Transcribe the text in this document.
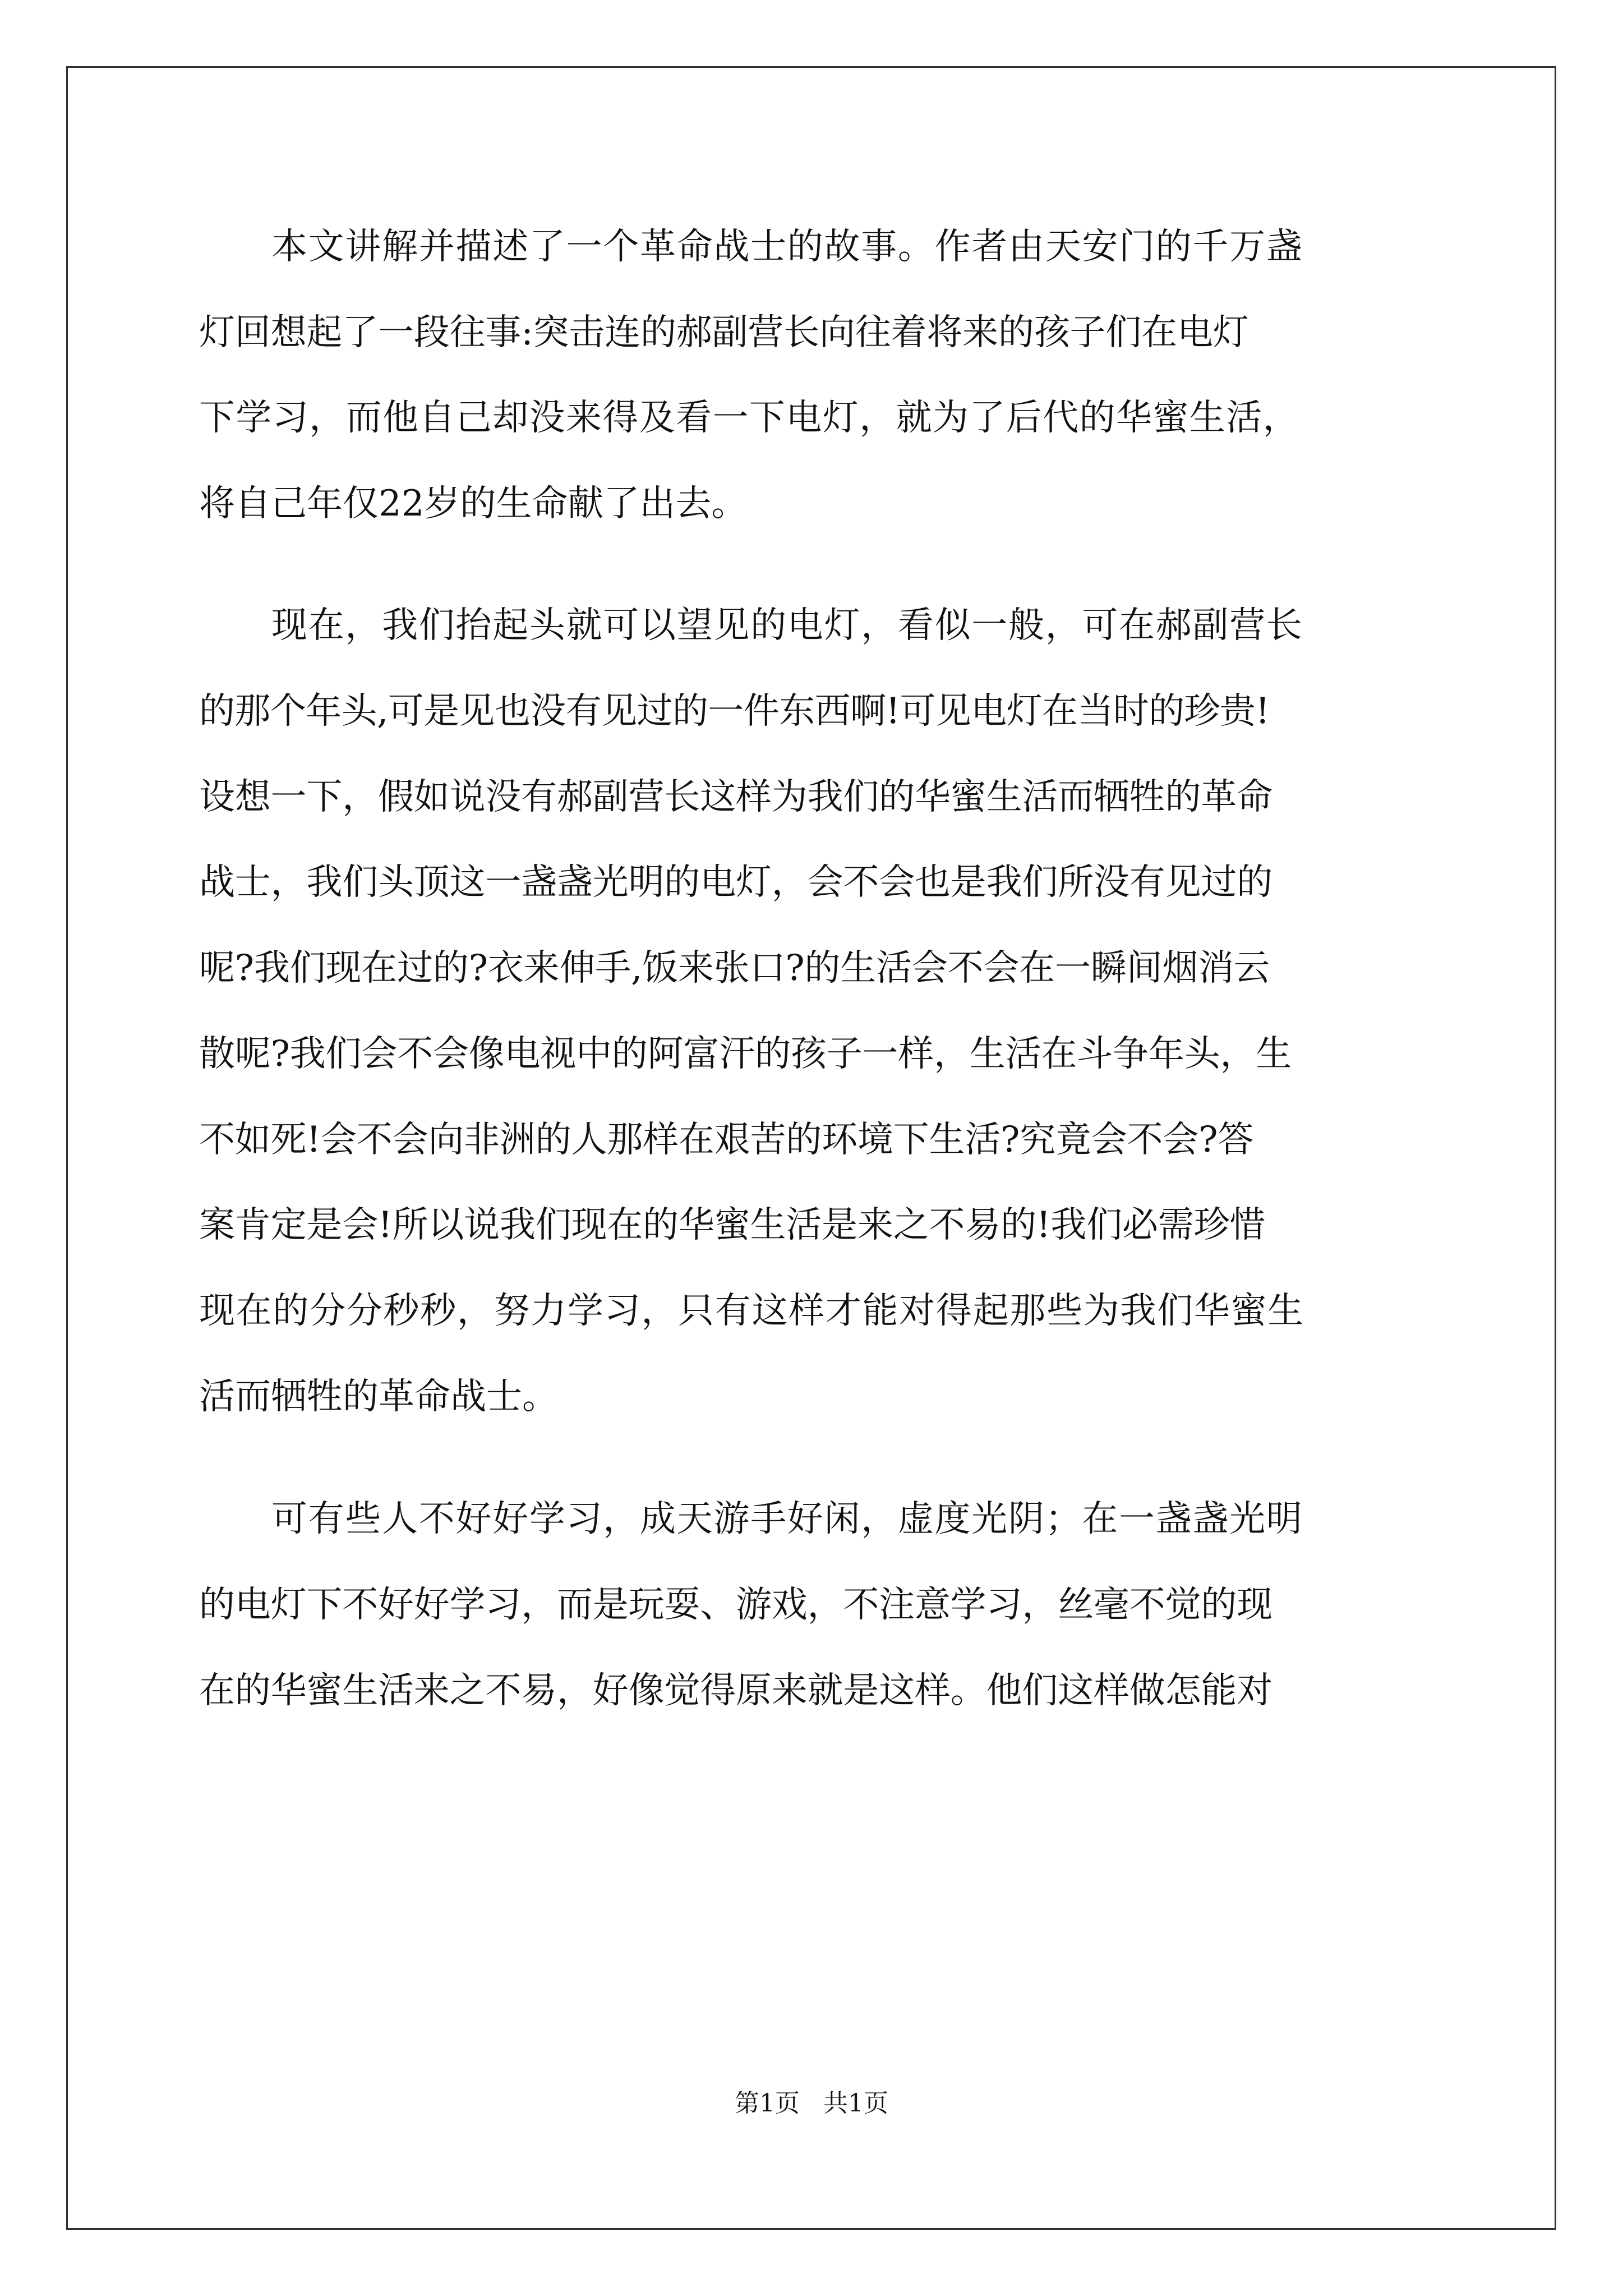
本文讲解并描述了一个革命战士的故事。作者由天安门的千万盏

灯回想起了一段往事:突击连的郝副营长向往着将来的孩子们在电灯

下学习，而他自己却没来得及看一下电灯，就为了后代的华蜜生活，

将自己年仅22岁的生命献了出去。

现在，我们抬起头就可以望见的电灯，看似一般，可在郝副营长

的那个年头,可是见也没有见过的一件东西啊!可见电灯在当时的珍贵!

设想一下，假如说没有郝副营长这样为我们的华蜜生活而牺牲的革命

战士，我们头顶这一盏盏光明的电灯，会不会也是我们所没有见过的

呢?我们现在过的?衣来伸手,饭来张口?的生活会不会在一瞬间烟消云

散呢?我们会不会像电视中的阿富汗的孩子一样，生活在斗争年头，生

不如死!会不会向非洲的人那样在艰苦的环境下生活?究竟会不会?答

案肯定是会!所以说我们现在的华蜜生活是来之不易的!我们必需珍惜

现在的分分秒秒，努力学习，只有这样才能对得起那些为我们华蜜生

活而牺牲的革命战士。

可有些人不好好学习，成天游手好闲，虚度光阴；在一盏盏光明

的电灯下不好好学习，而是玩耍、游戏，不注意学习，丝毫不觉的现

在的华蜜生活来之不易，好像觉得原来就是这样。他们这样做怎能对

第1页   共1页
